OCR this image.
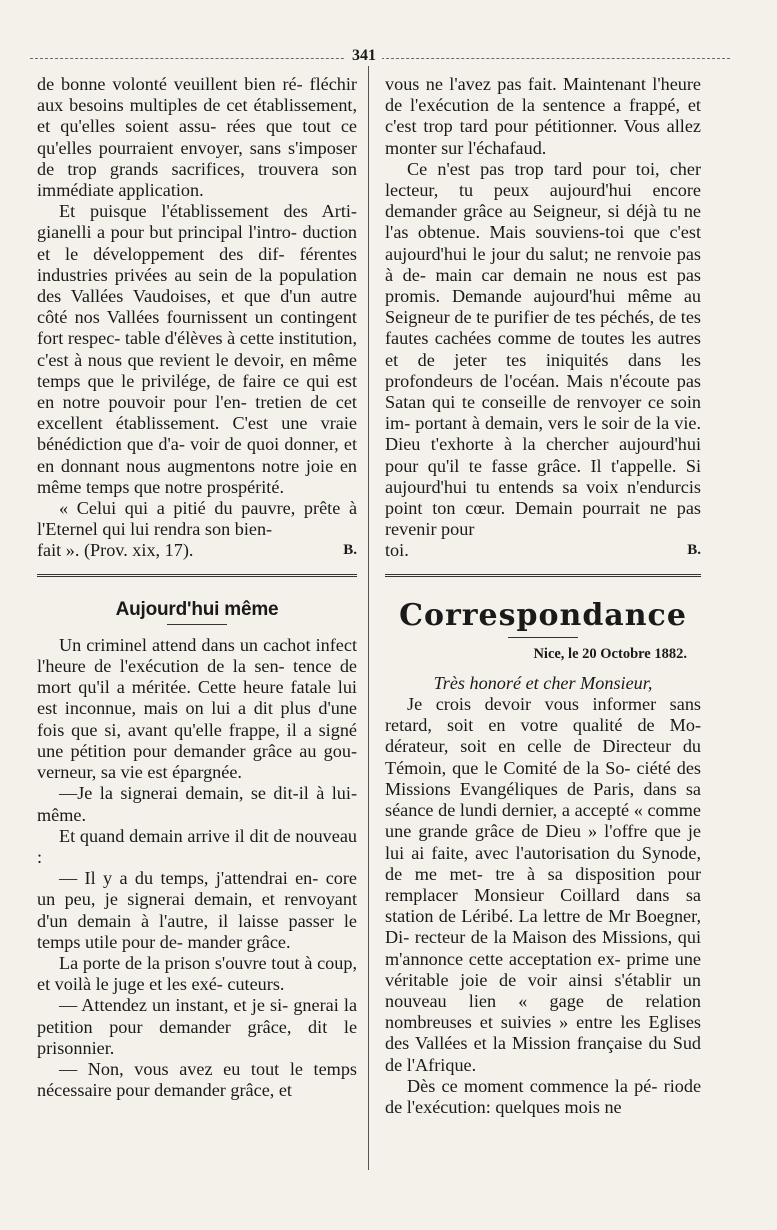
341

de bonne volonté veuillent bien ré- fléchir aux besoins multiples de cet établissement, et qu'elles soient assu- rées que tout ce qu'elles pourraient envoyer, sans s'imposer de trop grands sacrifices, trouvera son immédiate application.

Et puisque l'établissement des Arti- gianelli a pour but principal l'intro- duction et le développement des dif- férentes industries privées au sein de la population des Vallées Vaudoises, et que d'un autre côté nos Vallées fournissent un contingent fort respec- table d'élèves à cette institution, c'est à nous que revient le devoir, en même temps que le privilége, de faire ce qui est en notre pouvoir pour l'en- tretien de cet excellent établissement. C'est une vraie bénédiction que d'a- voir de quoi donner, et en donnant nous augmentons notre joie en même temps que notre prospérité.

« Celui qui a pitié du pauvre, prête à l'Eternel qui lui rendra son bien-

fait ». (Prov. xix, 17).	B.
Aujourd'hui même

Un criminel attend dans un cachot infect l'heure de l'exécution de la sen- tence de mort qu'il a méritée. Cette heure fatale lui est inconnue, mais on lui a dit plus d'une fois que si, avant qu'elle frappe, il a signé une pétition pour demander grâce au gou- verneur, sa vie est épargnée.

—Je la signerai demain, se dit-il à lui-même.

Et quand demain arrive il dit de nouveau :

— Il y a du temps, j'attendrai en- core un peu, je signerai demain, et renvoyant d'un demain à l'autre, il laisse passer le temps utile pour de- mander grâce.

La porte de la prison s'ouvre tout à coup, et voilà le juge et les exé- cuteurs.

— Attendez un instant, et je si- gnerai la petition pour demander grâce, dit le prisonnier.

— Non, vous avez eu tout le temps nécessaire pour demander grâce, et

vous ne l'avez pas fait. Maintenant l'heure de l'exécution de la sentence a frappé, et c'est trop tard pour pétitionner. Vous allez monter sur l'échafaud.

Ce n'est pas trop tard pour toi, cher lecteur, tu peux aujourd'hui encore demander grâce au Seigneur, si déjà tu ne l'as obtenue. Mais souviens-toi que c'est aujourd'hui le jour du salut; ne renvoie pas à de- main car demain ne nous est pas promis. Demande aujourd'hui même au Seigneur de te purifier de tes péchés, de tes fautes cachées comme de toutes les autres et de jeter tes iniquités dans les profondeurs de l'océan. Mais n'écoute pas Satan qui te conseille de renvoyer ce soin im- portant à demain, vers le soir de la vie. Dieu t'exhorte à la chercher aujourd'hui pour qu'il te fasse grâce. Il t'appelle. Si aujourd'hui tu entends sa voix n'endurcis point ton cœur. Demain pourrait ne pas revenir pour

toi.	B.
Correspondance
Nice, le 20 Octobre 1882.
Très honoré et cher Monsieur,

Je crois devoir vous informer sans retard, soit en votre qualité de Mo- dérateur, soit en celle de Directeur du Témoin, que le Comité de la So- ciété des Missions Evangéliques de Paris, dans sa séance de lundi dernier, a accepté « comme une grande grâce de Dieu » l'offre que je lui ai faite, avec l'autorisation du Synode, de me met- tre à sa disposition pour remplacer Monsieur Coillard dans sa station de Léribé. La lettre de Mr Boegner, Di- recteur de la Maison des Missions, qui m'annonce cette acceptation ex- prime une véritable joie de voir ainsi s'établir un nouveau lien « gage de relation nombreuses et suivies » entre les Eglises des Vallées et la Mission française du Sud de l'Afrique.

Dès ce moment commence la pé- riode de l'exécution: quelques mois ne
